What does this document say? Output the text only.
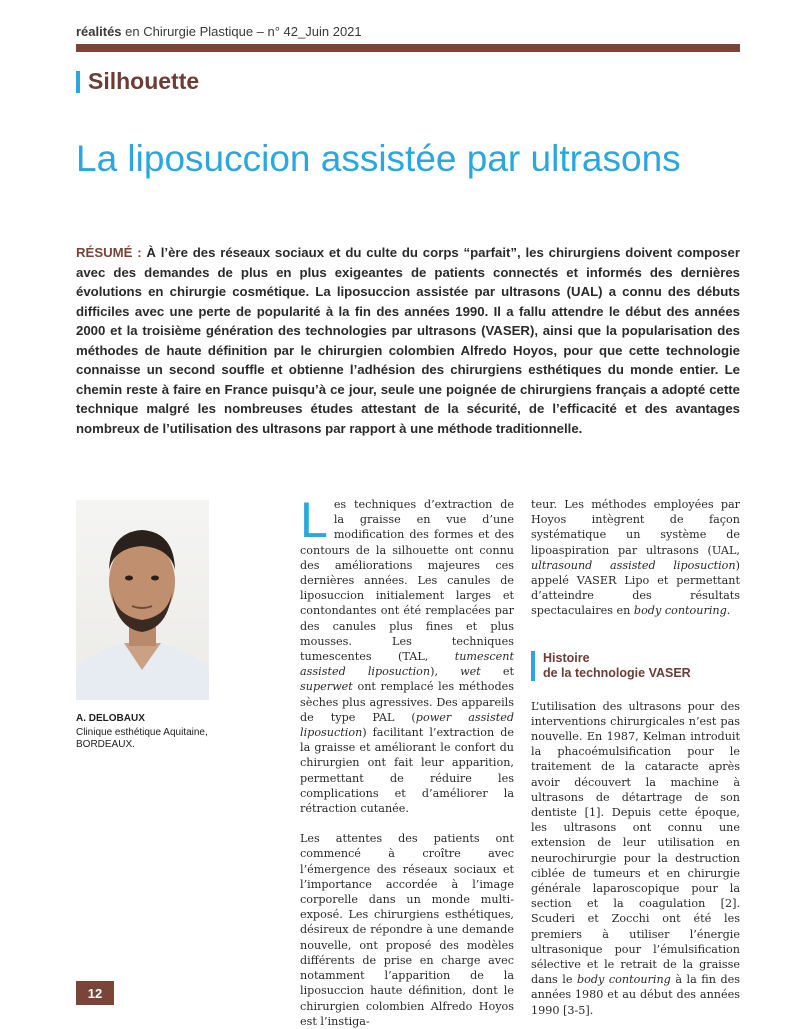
réalités en Chirurgie Plastique – n° 42_Juin 2021
Silhouette
La liposuccion assistée par ultrasons

RÉSUMÉ : À l’ère des réseaux sociaux et du culte du corps “parfait”, les chirurgiens doivent composer avec des demandes de plus en plus exigeantes de patients connectés et informés des dernières évolutions en chirurgie cosmétique. La liposuccion assistée par ultrasons (UAL) a connu des débuts difficiles avec une perte de popularité à la fin des années 1990. Il a fallu attendre le début des années 2000 et la troisième génération des technologies par ultrasons (VASER), ainsi que la popularisation des méthodes de haute définition par le chirurgien colombien Alfredo Hoyos, pour que cette technologie connaisse un second souffle et obtienne l’adhésion des chirurgiens esthétiques du monde entier. Le chemin reste à faire en France puisqu’à ce jour, seule une poignée de chirurgiens français a adopté cette technique malgré les nombreuses études attestant de la sécurité, de l’efficacité et des avantages nombreux de l’utilisation des ultrasons par rapport à une méthode traditionnelle.

A. DELOBAUX
Clinique esthétique Aquitaine, BORDEAUX.

Les techniques d’extraction de la graisse en vue d’une modification des formes et des contours de la silhouette ont connu des améliorations majeures ces dernières années. Les canules de liposuccion initialement larges et contondantes ont été remplacées par des canules plus fines et plus mousses. Les techniques tumescentes (TAL, tumescent assisted liposuction), wet et superwet ont remplacé les méthodes sèches plus agressives. Des appareils de type PAL (power assisted liposuction) facilitant l’extraction de la graisse et améliorant le confort du chirurgien ont fait leur apparition, permettant de réduire les complications et d’améliorer la rétraction cutanée.

Les attentes des patients ont commencé à croître avec l’émergence des réseaux sociaux et l’importance accordée à l’image corporelle dans un monde multi-exposé. Les chirurgiens esthétiques, désireux de répondre à une demande nouvelle, ont proposé des modèles différents de prise en charge avec notamment l’apparition de la liposuccion haute définition, dont le chirurgien colombien Alfredo Hoyos est l’instiga-

teur. Les méthodes employées par Hoyos intègrent de façon systématique un système de lipoaspiration par ultrasons (UAL, ultrasound assisted liposuction) appelé VASER Lipo et permettant d’atteindre des résultats spectaculaires en body contouring.

Histoire
de la technologie VASER

L’utilisation des ultrasons pour des interventions chirurgicales n’est pas nouvelle. En 1987, Kelman introduit la phacoémulsification pour le traitement de la cataracte après avoir découvert la machine à ultrasons de détartrage de son dentiste [1]. Depuis cette époque, les ultrasons ont connu une extension de leur utilisation en neurochirurgie pour la destruction ciblée de tumeurs et en chirurgie générale laparoscopique pour la section et la coagulation [2]. Scuderi et Zocchi ont été les premiers à utiliser l’énergie ultrasonique pour l’émulsification sélective et le retrait de la graisse dans le body contouring à la fin des années 1980 et au début des années 1990 [3-5].

12
